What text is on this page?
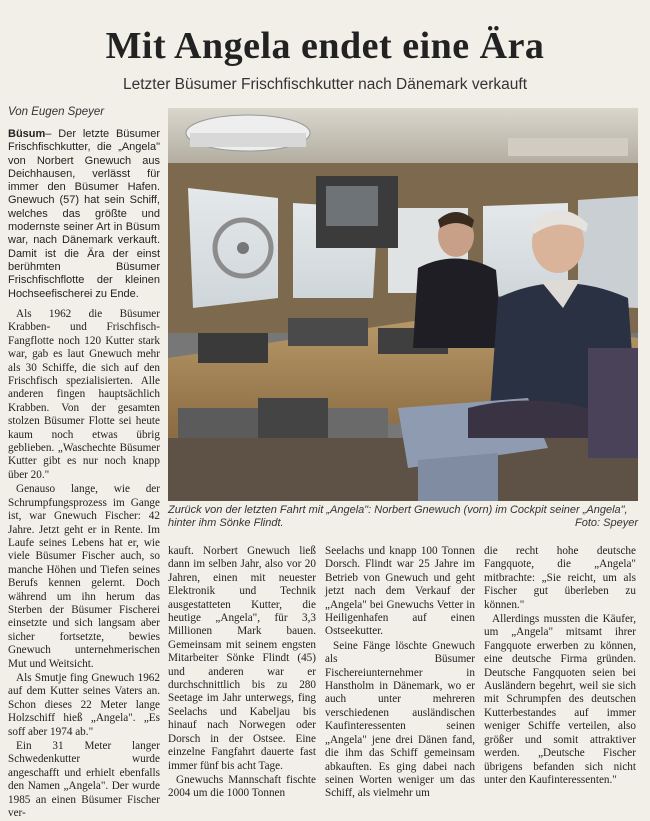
Mit Angela endet eine Ära
Letzter Büsumer Frischfischkutter nach Dänemark verkauft
Von Eugen Speyer

Büsum– Der letzte Büsumer Frischfischkutter, die „Angela" von Norbert Gnewuch aus Deichhausen, verlässt für immer den Büsumer Hafen. Gnewuch (57) hat sein Schiff, welches das größte und modernste seiner Art in Büsum war, nach Dänemark verkauft. Damit ist die Ära der einst berühmten Büsumer Frischfischflotte der kleinen Hochseefischerei zu Ende.

Als 1962 die Büsumer Krabben- und Frischfisch-Fangflotte noch 120 Kutter stark war, gab es laut Gnewuch mehr als 30 Schiffe, die sich auf den Frischfisch spezialisierten. Alle anderen fingen hauptsächlich Krabben. Von der gesamten stolzen Büsumer Flotte sei heute kaum noch etwas übrig geblieben. „Waschechte Büsumer Kutter gibt es nur noch knapp über 20."

Genauso lange, wie der Schrumpfungsprozess im Gange ist, war Gnewuch Fischer: 42 Jahre. Jetzt geht er in Rente. Im Laufe seines Lebens hat er, wie viele Büsumer Fischer auch, so manche Höhen und Tiefen seines Berufs kennen gelernt. Doch während um ihn herum das Sterben der Büsumer Fischerei einsetzte und sich langsam aber sicher fortsetzte, bewies Gnewuch unternehmerischen Mut und Weitsicht.

Als Smutje fing Gnewuch 1962 auf dem Kutter seines Vaters an. Schon dieses 22 Meter lange Holzschiff hieß „Angela". „Es soff aber 1974 ab."

Ein 31 Meter langer Schwedenkutter wurde angeschafft und erhielt ebenfalls den Namen „Angela". Der wurde 1985 an einen Büsumer Fischer ver-

Zurück von der letzten Fahrt mit „Angela": Norbert Gnewuch (vorn) im Cockpit seiner „Angela", hinter ihm Sönke Flindt.	Foto: Speyer

kauft. Norbert Gnewuch ließ dann im selben Jahr, also vor 20 Jahren, einen mit neuester Elektronik und Technik ausgestatteten Kutter, die heutige „Angela", für 3,3 Millionen Mark bauen. Gemeinsam mit seinem engsten Mitarbeiter Sönke Flindt (45) und anderen war er durchschnittlich bis zu 280 Seetage im Jahr unterwegs, fing Seelachs und Kabeljau bis hinauf nach Norwegen oder Dorsch in der Ostsee. Eine einzelne Fangfahrt dauerte fast immer fünf bis acht Tage.

Gnewuchs Mannschaft fischte 2004 um die 1000 Tonnen

Seelachs und knapp 100 Tonnen Dorsch. Flindt war 25 Jahre im Betrieb von Gnewuch und geht jetzt nach dem Verkauf der „Angela" bei Gnewuchs Vetter in Heiligenhafen auf einen Ostseekutter.

Seine Fänge löschte Gnewuch als Büsumer Fischereiunternehmer in Hanstholm in Dänemark, wo er auch unter mehreren verschiedenen ausländischen Kaufinteressenten seinen „Angela" jene drei Dänen fand, die ihm das Schiff gemeinsam abkauften. Es ging dabei nach seinen Worten weniger um das Schiff, als vielmehr um

die recht hohe deutsche Fangquote, die „Angela" mitbrachte: „Sie reicht, um als Fischer gut überleben zu können."

Allerdings mussten die Käufer, um „Angela" mitsamt ihrer Fangquote erwerben zu können, eine deutsche Firma gründen. Deutsche Fangquoten seien bei Ausländern begehrt, weil sie sich mit Schrumpfen des deutschen Kutterbestandes auf immer weniger Schiffe verteilen, also größer und somit attraktiver werden. „Deutsche Fischer übrigens befanden sich nicht unter den Kaufinteressenten."
